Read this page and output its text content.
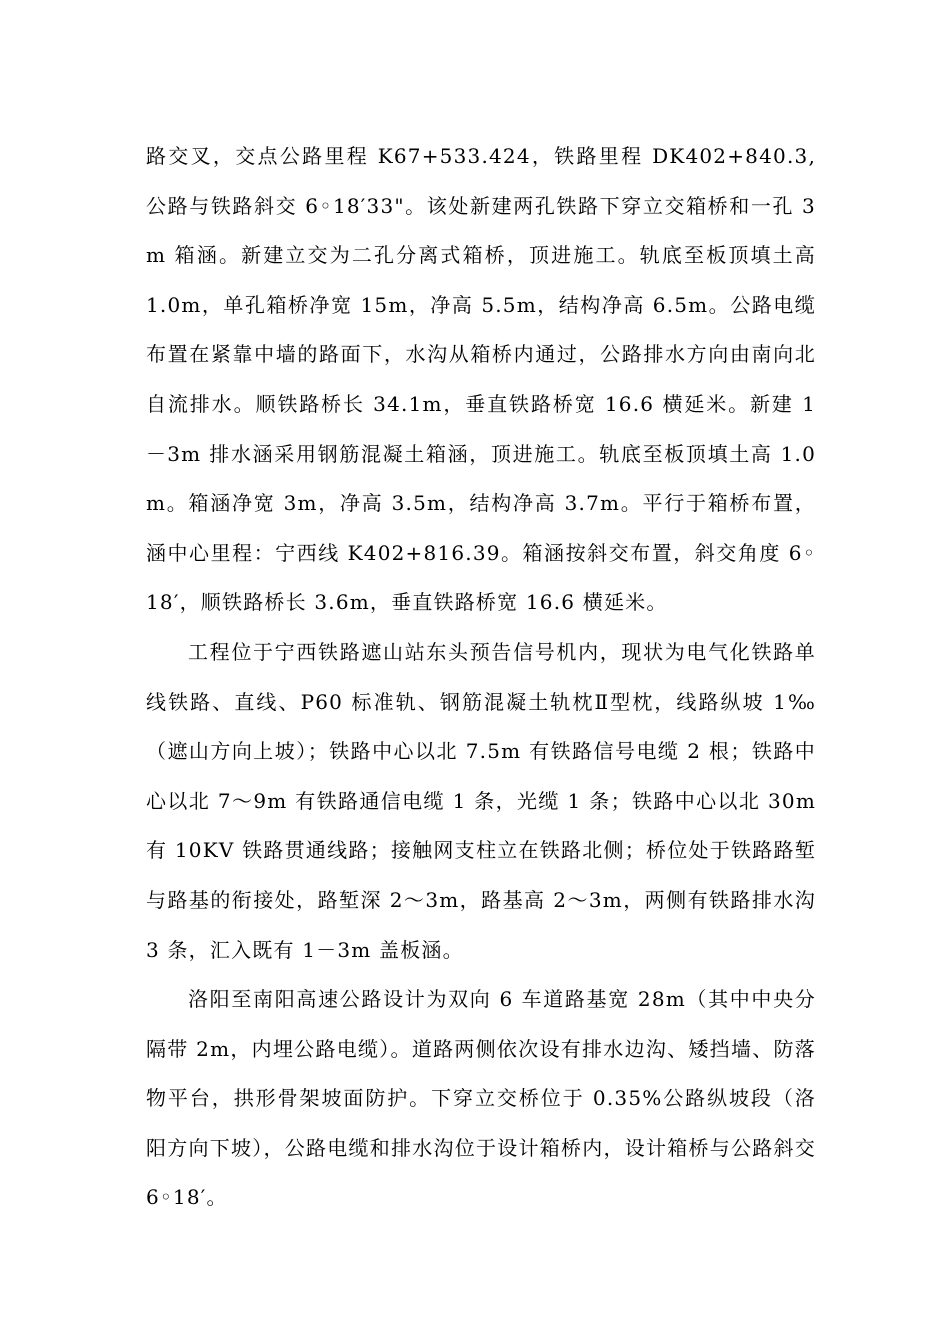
路交叉，交点公路里程 K67+533.424，铁路里程 DK402+840.3,公路与铁路斜交 6◦18′33"。该处新建两孔铁路下穿立交箱桥和一孔 3m 箱涵。新建立交为二孔分离式箱桥，顶进施工。轨底至板顶填土高 1.0m，单孔箱桥净宽 15m，净高 5.5m，结构净高 6.5m。公路电缆布置在紧靠中墙的路面下，水沟从箱桥内通过，公路排水方向由南向北自流排水。顺铁路桥长 34.1m，垂直铁路桥宽 16.6 横延米。新建 1－3m 排水涵采用钢筋混凝土箱涵，顶进施工。轨底至板顶填土高 1.0m。箱涵净宽 3m，净高 3.5m，结构净高 3.7m。平行于箱桥布置，涵中心里程：宁西线 K402+816.39。箱涵按斜交布置，斜交角度 6◦18′，顺铁路桥长 3.6m，垂直铁路桥宽 16.6 横延米。

工程位于宁西铁路遮山站东头预告信号机内，现状为电气化铁路单线铁路、直线、P60 标准轨、钢筋混凝土轨枕Ⅱ型枕，线路纵坡 1‰（遮山方向上坡）；铁路中心以北 7.5m 有铁路信号电缆 2 根；铁路中心以北 7～9m 有铁路通信电缆 1 条，光缆 1 条；铁路中心以北 30m 有 10KV 铁路贯通线路；接触网支柱立在铁路北侧；桥位处于铁路路堑与路基的衔接处，路堑深 2～3m，路基高 2～3m，两侧有铁路排水沟 3 条，汇入既有 1－3m 盖板涵。

洛阳至南阳高速公路设计为双向 6 车道路基宽 28m（其中中央分隔带 2m，内埋公路电缆）。道路两侧依次设有排水边沟、矮挡墙、防落物平台，拱形骨架坡面防护。下穿立交桥位于 0.35%公路纵坡段（洛阳方向下坡），公路电缆和排水沟位于设计箱桥内，设计箱桥与公路斜交 6◦18′。
